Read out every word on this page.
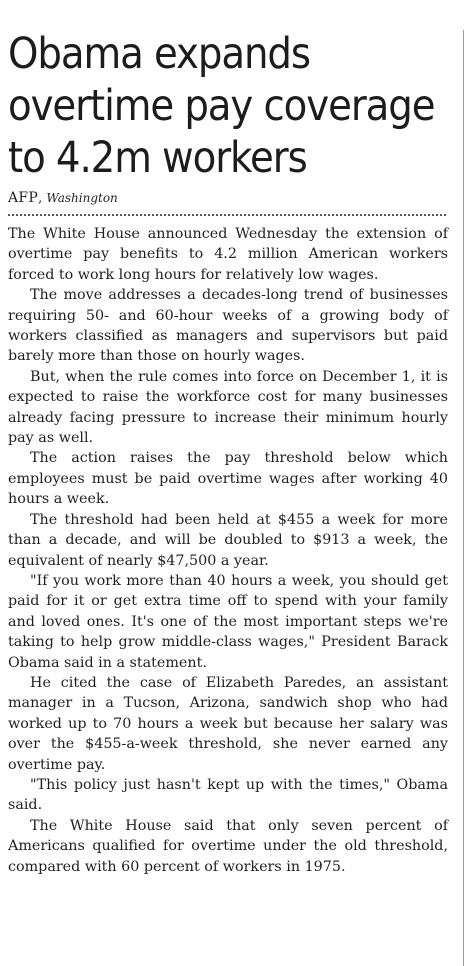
Obama expands overtime pay coverage to 4.2m workers
AFP, Washington

The White House announced Wednesday the extension of overtime pay benefits to 4.2 million American workers forced to work long hours for relatively low wages.

The move addresses a decades-long trend of businesses requiring 50- and 60-hour weeks of a growing body of workers classified as managers and supervisors but paid barely more than those on hourly wages.

But, when the rule comes into force on December 1, it is expected to raise the workforce cost for many businesses already facing pressure to increase their minimum hourly pay as well.

The action raises the pay threshold below which employees must be paid overtime wages after working 40 hours a week.

The threshold had been held at $455 a week for more than a decade, and will be doubled to $913 a week, the equivalent of nearly $47,500 a year.

"If you work more than 40 hours a week, you should get paid for it or get extra time off to spend with your family and loved ones. It's one of the most important steps we're taking to help grow middle-class wages," President Barack Obama said in a statement.

He cited the case of Elizabeth Paredes, an assistant manager in a Tucson, Arizona, sandwich shop who had worked up to 70 hours a week but because her salary was over the $455-a-week threshold, she never earned any overtime pay.

"This policy just hasn't kept up with the times," Obama said.

The White House said that only seven percent of Americans qualified for overtime under the old threshold, compared with 60 percent of workers in 1975.
